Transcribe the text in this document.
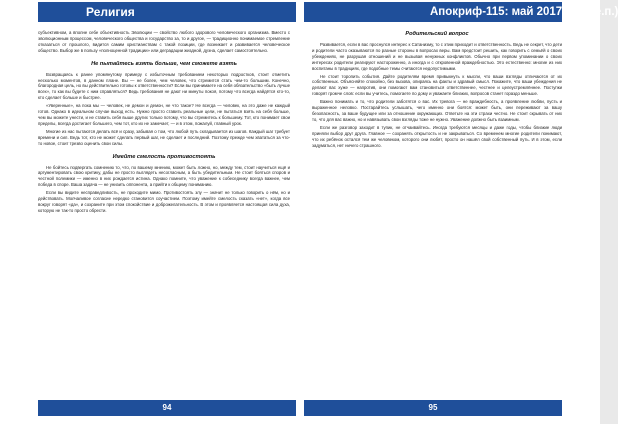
Религия

субъективном, а вполне себе объективность Эволюции — свойство любого здорового человеческого организма. Вместо с эволюционным процессом, человеческого общества и государство за, то и другое, — традиционно понимаемое стремление отказаться от прошлого, видится самим христианствам с такой позиции, где возникает и развивается человеческое общество. Выбор же в пользу «полноценной традиции» или деградации жиздной, дуэна, сделает самостоятельно.

Не пытайтесь взять больше, чем сможете взять

Возвращаясь к ранее упомянутому примеру с избыточным требованием некоторых подростков, стоит отметить несколько моментов, в данном плане. Вы — не более, чем человек, что стремится стать чем-то большим. Конечно, благородная цель, но вы действительно готовы к ответственности? Если вы принимаете на себя обязательство «быть лучше всех», то как вы будете с ним справляться? Ведь требования не дают ни минуты покоя, потому что всегда найдётся кто-то, кто сделает больше и быстрее.

«Уверенные», на пока мы — человек, не демон и демон, не что такое? Не всегда — человек, на это даже не каждый готов. Однако в идеальном случае выход есть. Нужно просто ставить реальные цели, не пытаться взять на себя больше, чем вы можете унести, и не ставить себя выше других только потому, что вы стремитесь к большему. Тот, кто понимает свои пределы, всегда достигает большего, чем тот, кто их не замечает, — и в этом, пожалуй, главный урок.

Многие из нас пытаются делать всё и сразу, забывая о том, что любой путь складывается из шагов. Каждый шаг требует времени и сил. Ведь тот, кто не может сделать первый шаг, не сделает и последний. Поэтому прежде чем хвататься за что-то новое, стоит трезво оценить свои силы.

Имейте смелость противостоять

Не бойтесь подвергать сомнению то, что, по вашему мнению, может быть ложно, но, между тем, стоит научиться ещё и аргументировать свою критику, дабы не просто выглядеть несогласным, а быть убедительным. Не стоит бояться споров и честной полемики — именно в них рождается истина. Однако помните, что уважение к собеседнику всегда важнее, чем победа в споре. Ваша задача — не унизить оппонента, а прийти к общему пониманию.

Если вы видите несправедливость, не проходите мимо. Противостоять злу — значит не только говорить о нём, но и действовать. Молчаливое согласие нередко становится соучастием. Поэтому имейте смелость сказать «нет», когда все вокруг говорят «да», и сохраните при этом спокойствие и доброжелательность. В этом и проявляется настоящая сила духа, которую не так-то просто обрести.

94
Апокриф-115: май 2017 (25.3 е.п.)
Родительский вопрос

Развивается, если в вас проснулся интерес к Сатанизму, то с этим приходит и ответственность. Ведь не секрет, что дети и родители часто оказываются по разные стороны в вопросах веры. Вам предстоит решить, как говорить с семьёй о своих убеждениях, не разрушая отношений и не вызывая ненужных конфликтов. Обычно при первом упоминании о своих интересах родители реагируют настороженно, а иногда и с откровенной враждебностью. Это естественно: многие из них воспитаны в традициях, где подобные темы считаются недопустимыми.

Не стоит торопить события. Дайте родителям время привыкнуть к мысли, что ваши взгляды отличаются от их собственных. Объясняйте спокойно, без вызова, опираясь на факты и здравый смысл. Покажите, что ваши убеждения не делают вас хуже — напротив, они помогают вам становиться ответственнее, честнее и целеустремлённее. Поступки говорят громче слов: если вы учитесь, помогаете по дому и уважаете близких, вопросов станет гораздо меньше.

Важно понимать и то, что родители заботятся о вас. Их тревога — не враждебность, а проявление любви, пусть и выраженное неловко. Постарайтесь услышать, чего именно они боятся: может быть, они переживают за вашу безопасность, за ваше будущее или за отношение окружающих. Ответьте на эти страхи честно. Не стоит скрывать от них то, что для вас важно, но и навязывать свои взгляды тоже не нужно. Уважение должно быть взаимным.

Если же разговор заходит в тупик, не отчаивайтесь. Иногда требуются месяцы и даже годы, чтобы близкие люди приняли выбор друг друга. Главное — сохранять открытость и не закрываться. Со временем многие родители понимают, что их ребёнок остался тем же человеком, которого они любят, просто он нашёл свой собственный путь. И в этом, если задуматься, нет ничего страшного.

95
